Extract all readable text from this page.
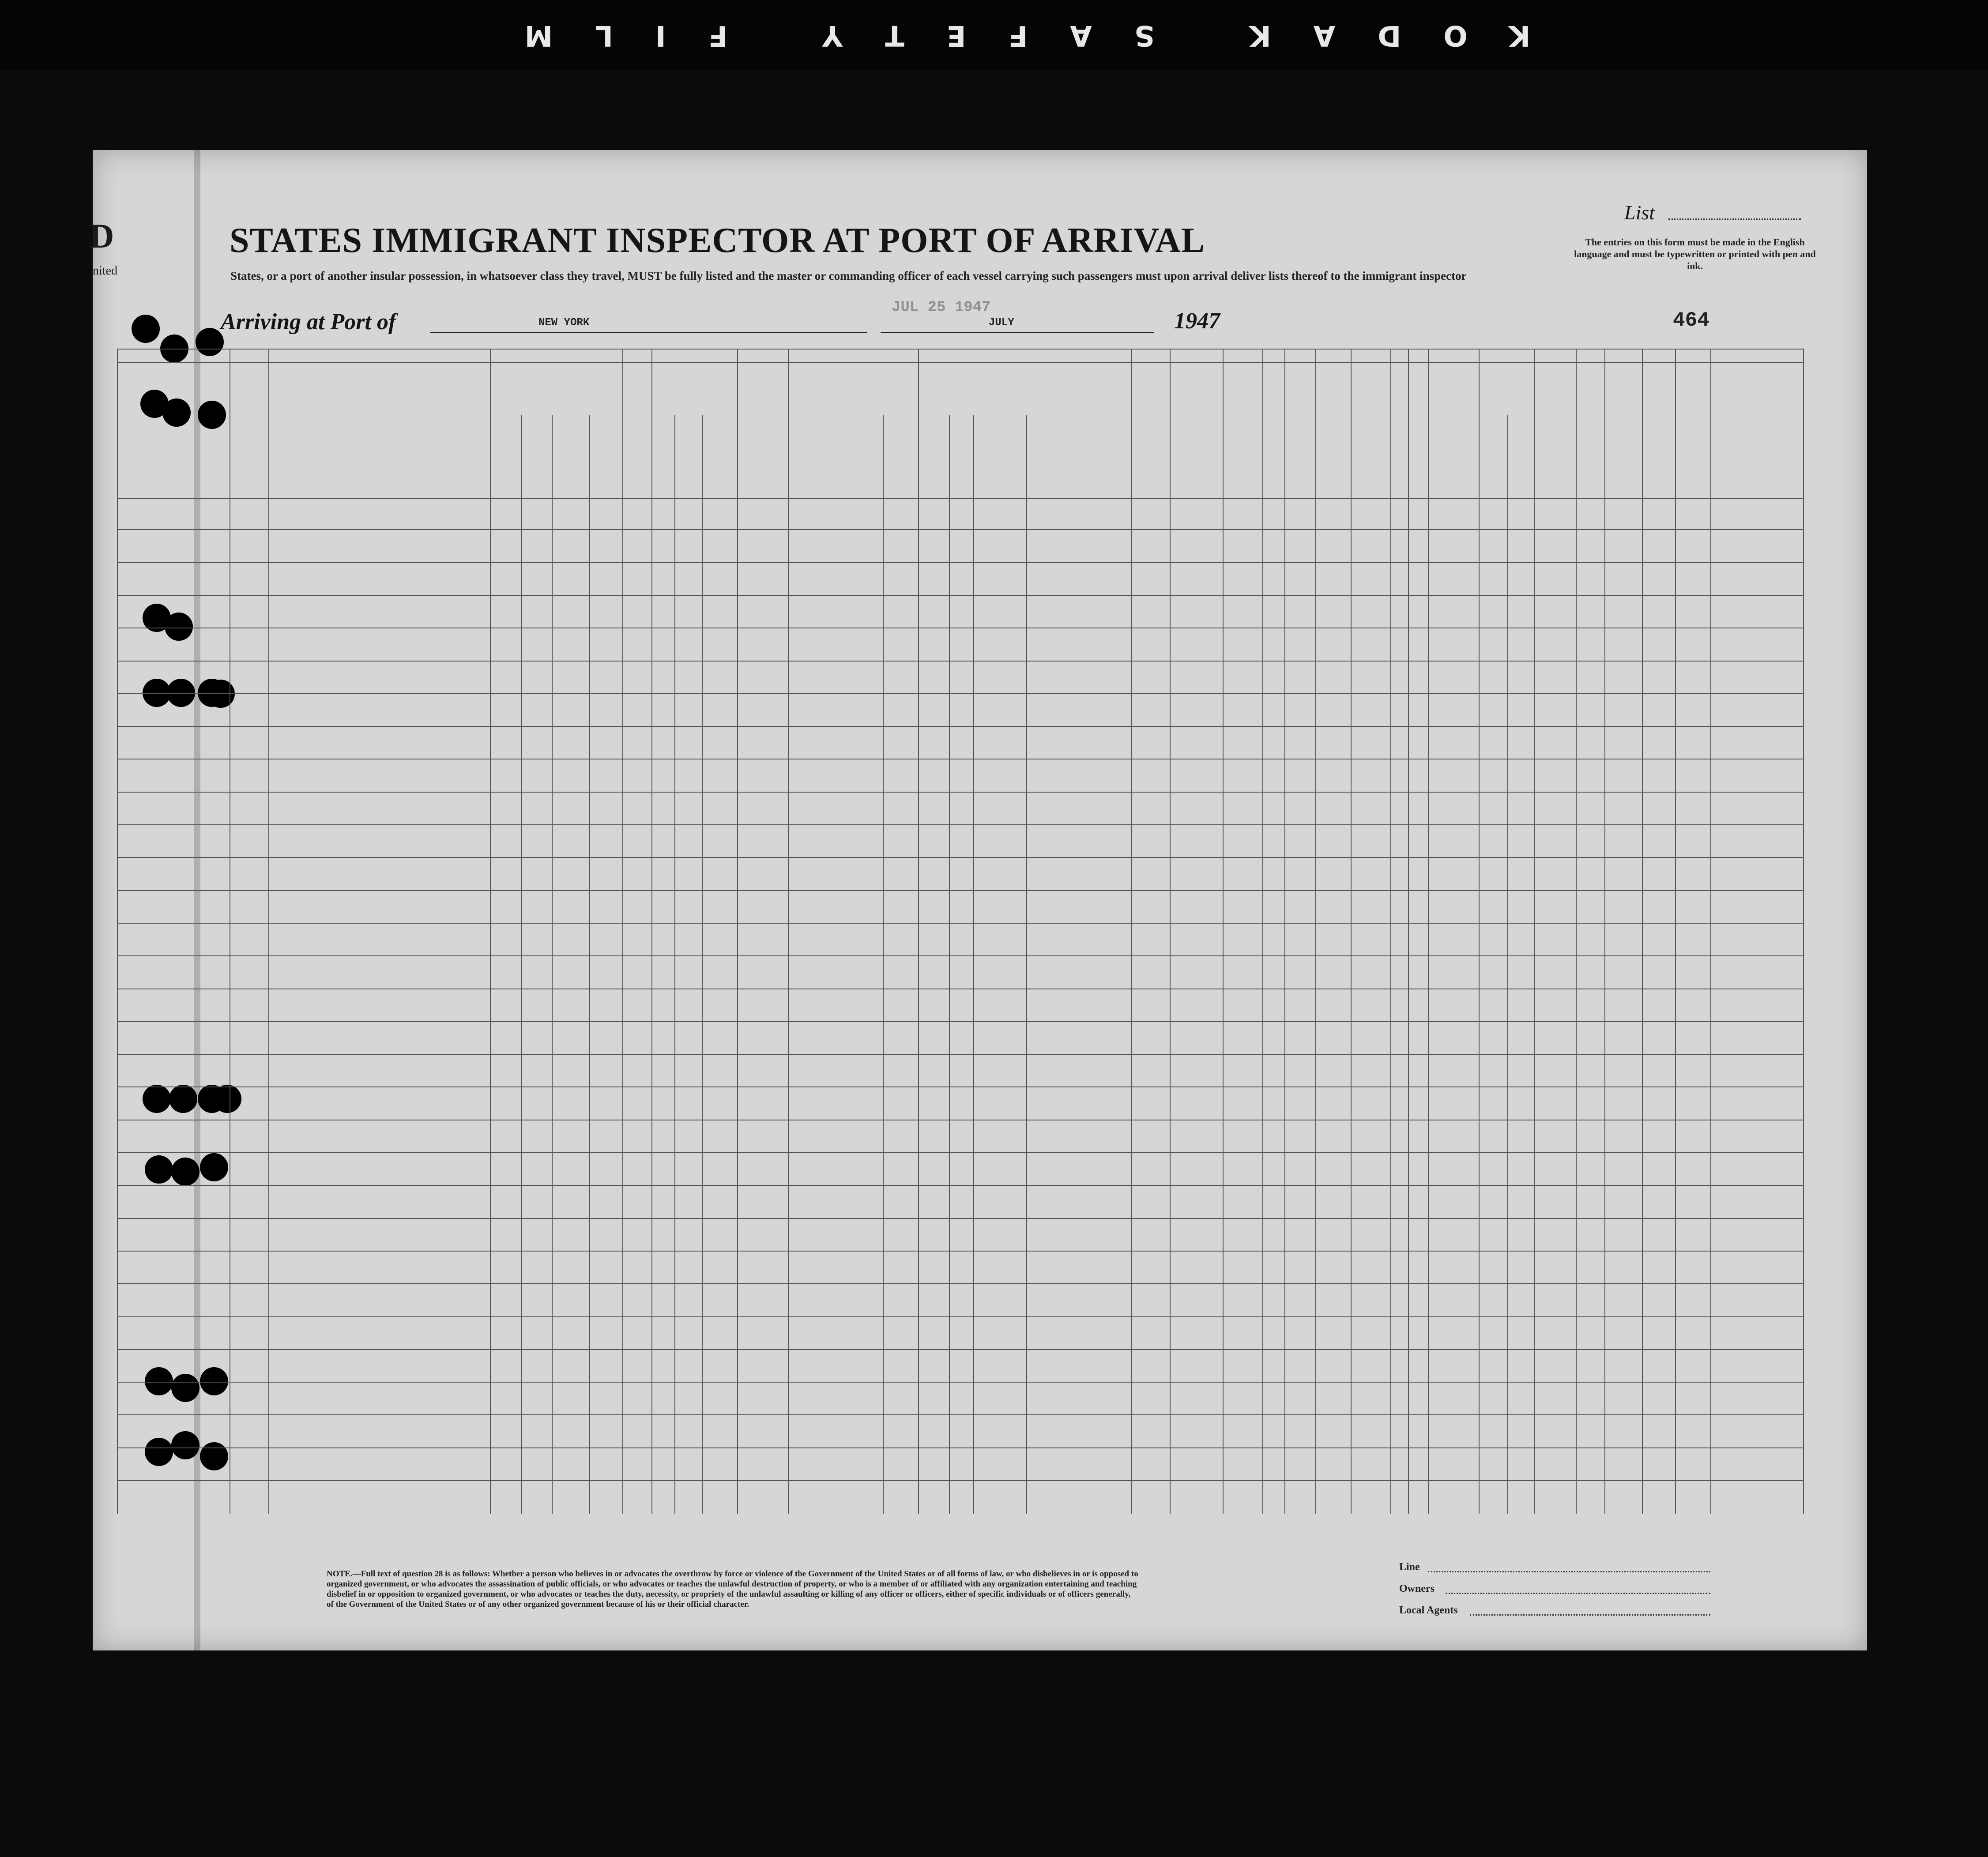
KODAK SAFETY FILM
D
nited
STATES IMMIGRANT INSPECTOR AT PORT OF ARRIVAL
States, or a port of another insular possession, in whatsoever class they travel, MUST be fully listed and the master or commanding officer of each vessel carrying such passengers must upon arrival deliver lists thereof to the immigrant inspector
List
The entries on this form must be made in the English language and must be typewritten or printed with pen and ink.
Arriving at Port of	NEW YORK
JUL 25 1947
JULY	1947	464
NOTE.—Full text of question 28 is as follows: Whether a person who believes in or advocates the overthrow by force or violence of the Government of the United States or of all forms of law, or who disbelieves in or is opposed to organized government, or who advocates the assassination of public officials, or who advocates or teaches the unlawful destruction of property, or who is a member of or affiliated with any organization entertaining and teaching disbelief in or opposition to organized government, or who advocates or teaches the duty, necessity, or propriety of the unlawful assaulting or killing of any officer or officers, either of specific individuals or of officers generally, of the Government of the United States or of any other organized government because of his or their official character.
Line
Owners
Local Agents
